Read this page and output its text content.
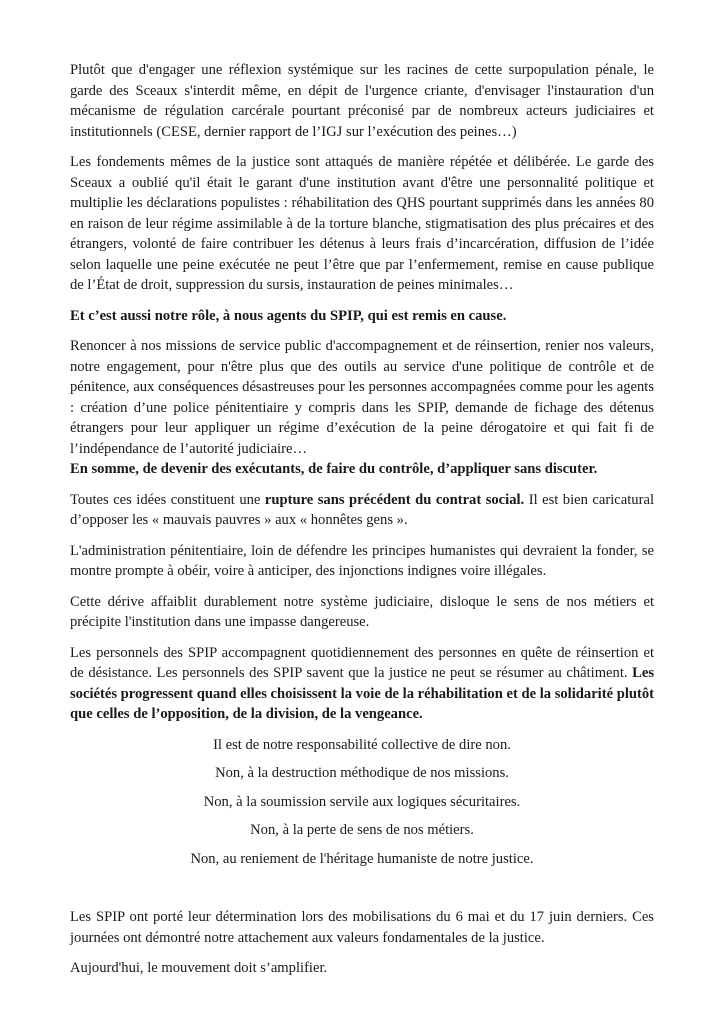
Plutôt que d'engager une réflexion systémique sur les racines de cette surpopulation pénale, le garde des Sceaux s'interdit même, en dépit de l'urgence criante, d'envisager l'instauration d'un mécanisme de régulation carcérale pourtant préconisé par de nombreux acteurs judiciaires et institutionnels (CESE, dernier rapport de l’IGJ sur l’exécution des peines…)

Les fondements mêmes de la justice sont attaqués de manière répétée et délibérée. Le garde des Sceaux a oublié qu'il était le garant d'une institution avant d'être une personnalité politique et multiplie les déclarations populistes : réhabilitation des QHS pourtant supprimés dans les années 80 en raison de leur régime assimilable à de la torture blanche, stigmatisation des plus précaires et des étrangers, volonté de faire contribuer les détenus à leurs frais d’incarcération, diffusion de l’idée selon laquelle une peine exécutée ne peut l’être que par l’enfermement, remise en cause publique de l’État de droit, suppression du sursis, instauration de peines minimales…

Et c’est aussi notre rôle, à nous agents du SPIP, qui est remis en cause.

Renoncer à nos missions de service public d'accompagnement et de réinsertion, renier nos valeurs, notre engagement, pour n'être plus que des outils au service d'une politique de contrôle et de pénitence, aux conséquences désastreuses pour les personnes accompagnées comme pour les agents : création d’une police pénitentiaire y compris dans les SPIP, demande de fichage des détenus étrangers pour leur appliquer un régime d’exécution de la peine dérogatoire et qui fait fi de l’indépendance de l’autorité judiciaire…

En somme, de devenir des exécutants, de faire du contrôle, d’appliquer sans discuter.

Toutes ces idées constituent une rupture sans précédent du contrat social. Il est bien caricatural d’opposer les « mauvais pauvres » aux « honnêtes gens ».

L'administration pénitentiaire, loin de défendre les principes humanistes qui devraient la fonder, se montre prompte à obéir, voire à anticiper, des injonctions indignes voire illégales.

Cette dérive affaiblit durablement notre système judiciaire, disloque le sens de nos métiers et précipite l'institution dans une impasse dangereuse.

Les personnels des SPIP accompagnent quotidiennement des personnes en quête de réinsertion et de désistance. Les personnels des SPIP savent que la justice ne peut se résumer au châtiment. Les sociétés progressent quand elles choisissent la voie de la réhabilitation et de la solidarité plutôt que celles de l’opposition, de la division, de la vengeance.

Il est de notre responsabilité collective de dire non.

Non, à la destruction méthodique de nos missions.

Non, à la soumission servile aux logiques sécuritaires.

Non, à la perte de sens de nos métiers.

Non, au reniement de l'héritage humaniste de notre justice.

Les SPIP ont porté leur détermination lors des mobilisations du 6 mai et du 17 juin derniers. Ces journées ont démontré notre attachement aux valeurs fondamentales de la justice.

Aujourd'hui, le mouvement doit s’amplifier.
